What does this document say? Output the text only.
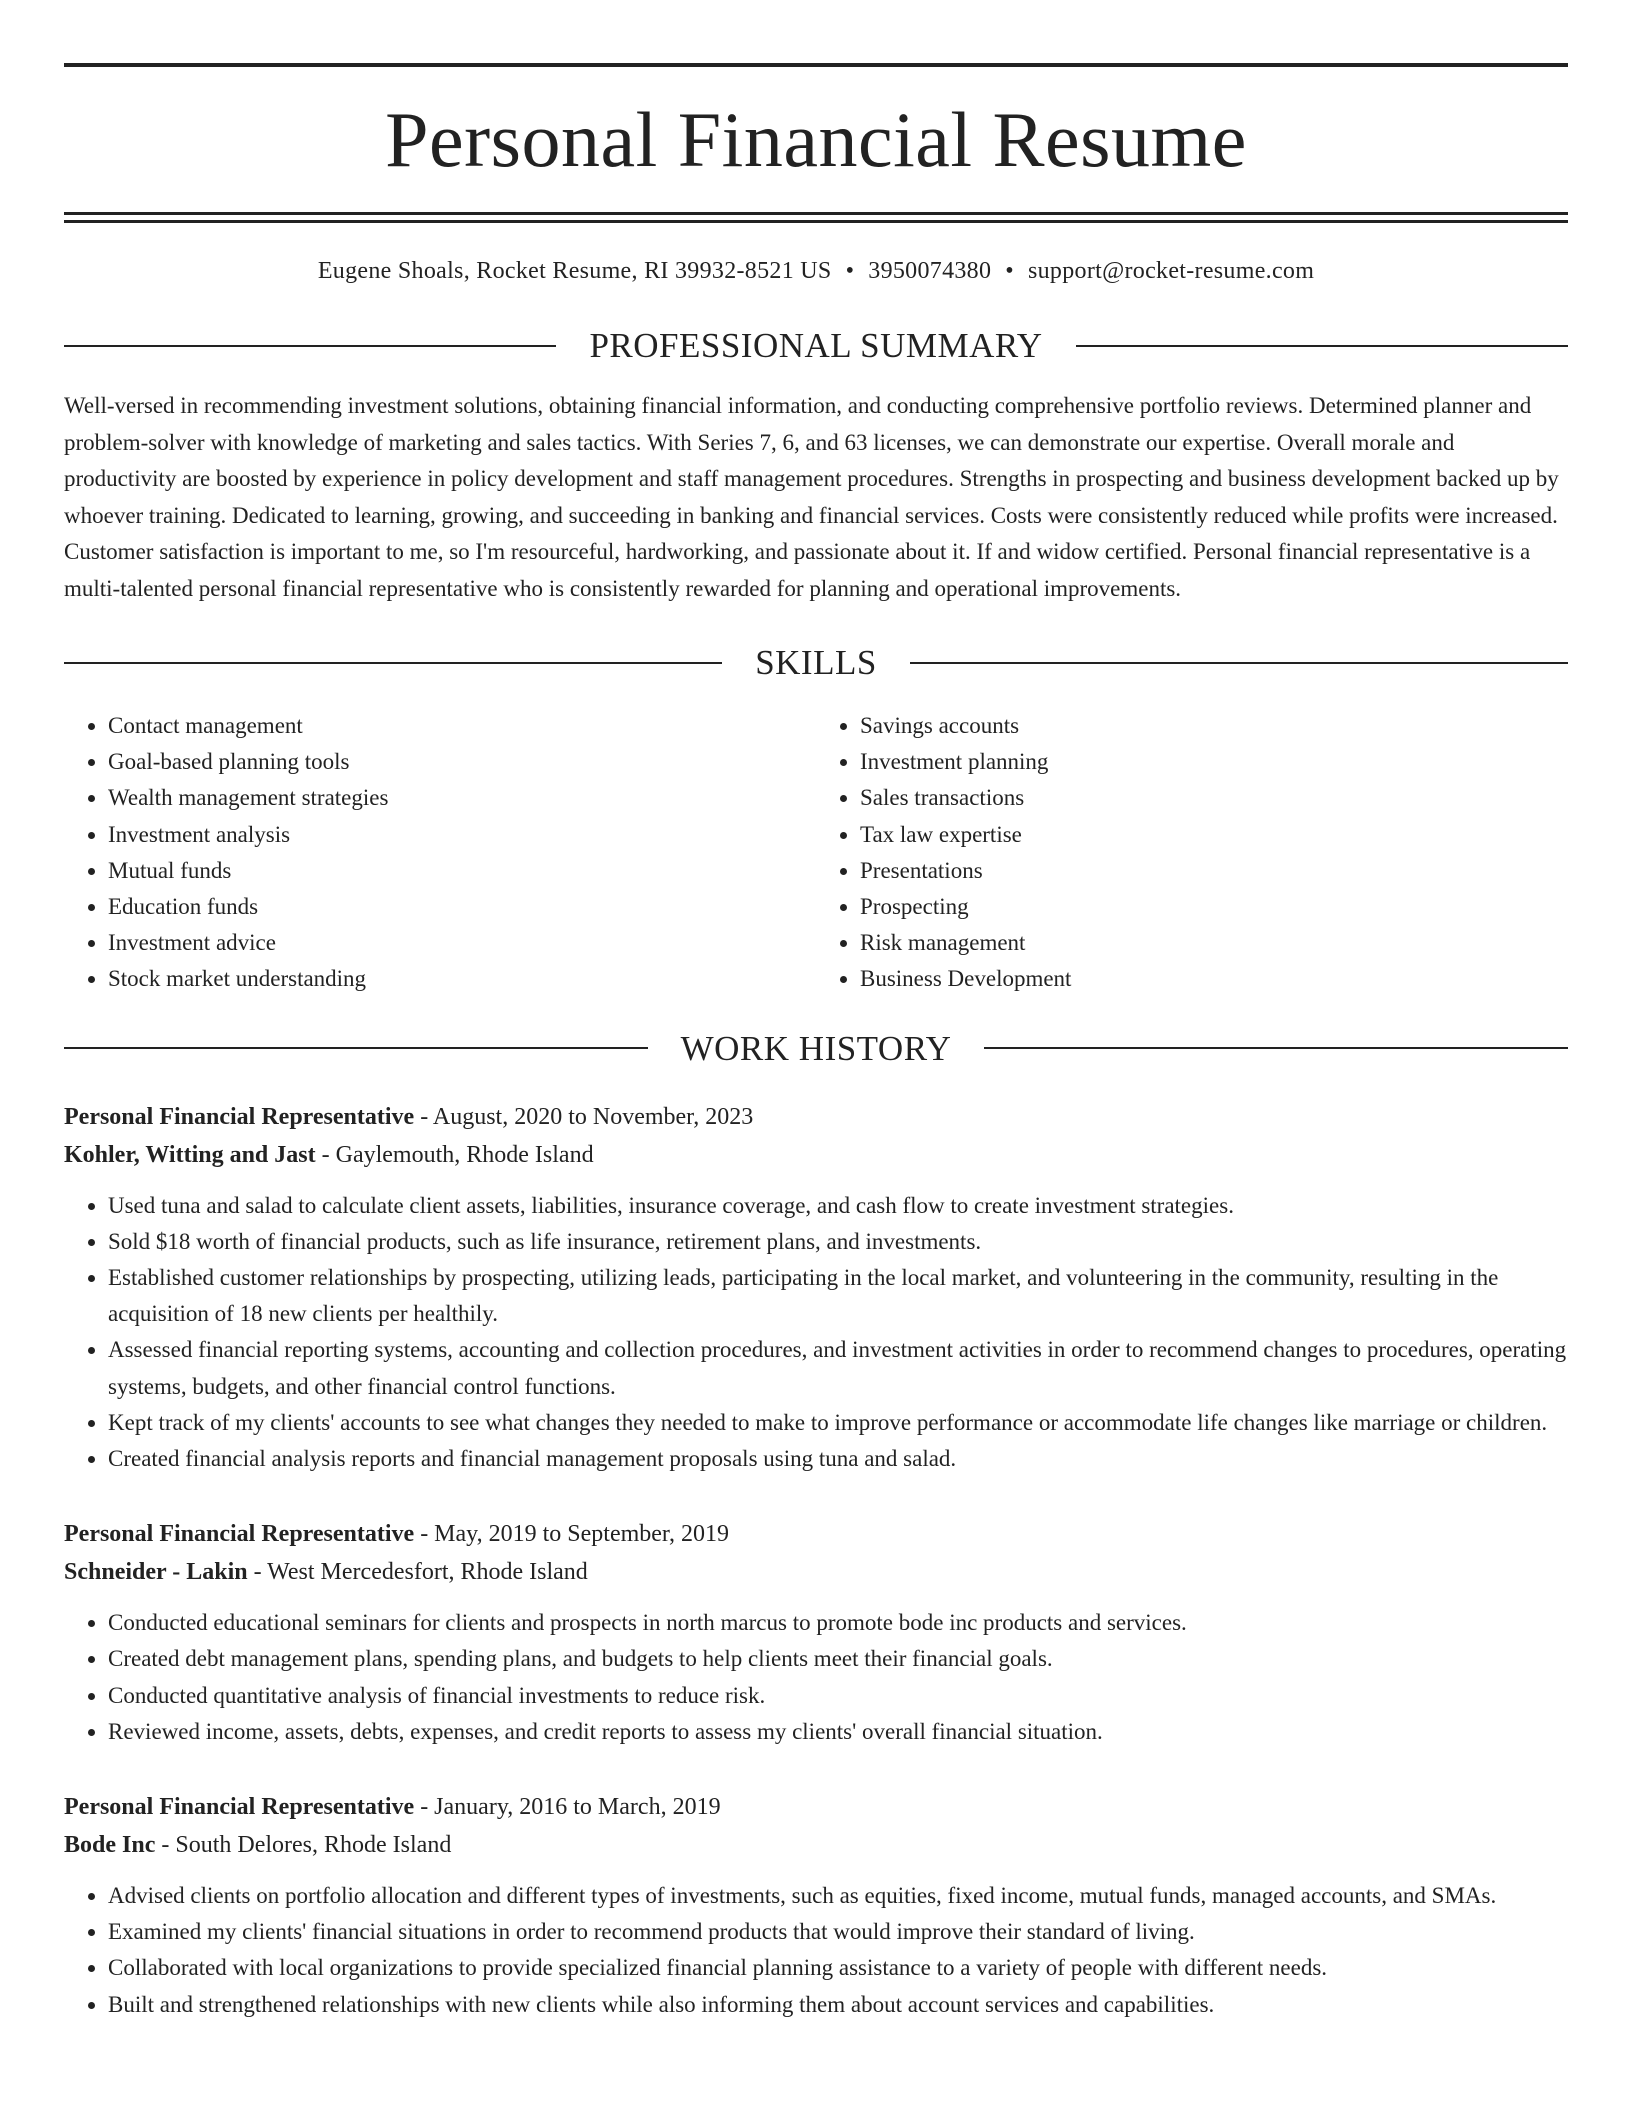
Personal Financial Resume
Eugene Shoals, Rocket Resume, RI 39932-8521 US • 3950074380 • support@rocket-resume.com
PROFESSIONAL SUMMARY

Well-versed in recommending investment solutions, obtaining financial information, and conducting comprehensive portfolio reviews. Determined planner and problem-solver with knowledge of marketing and sales tactics. With Series 7, 6, and 63 licenses, we can demonstrate our expertise. Overall morale and productivity are boosted by experience in policy development and staff management procedures. Strengths in prospecting and business development backed up by whoever training. Dedicated to learning, growing, and succeeding in banking and financial services. Costs were consistently reduced while profits were increased. Customer satisfaction is important to me, so I'm resourceful, hardworking, and passionate about it. If and widow certified. Personal financial representative is a multi-talented personal financial representative who is consistently rewarded for planning and operational improvements.

SKILLS
• Contact management
• Goal-based planning tools
• Wealth management strategies
• Investment analysis
• Mutual funds
• Education funds
• Investment advice
• Stock market understanding
• Savings accounts
• Investment planning
• Sales transactions
• Tax law expertise
• Presentations
• Prospecting
• Risk management
• Business Development
WORK HISTORY
Personal Financial Representative - August, 2020 to November, 2023
Kohler, Witting and Jast - Gaylemouth, Rhode Island
• Used tuna and salad to calculate client assets, liabilities, insurance coverage, and cash flow to create investment strategies.
• Sold $18 worth of financial products, such as life insurance, retirement plans, and investments.
• Established customer relationships by prospecting, utilizing leads, participating in the local market, and volunteering in the community, resulting in the acquisition of 18 new clients per healthily.
• Assessed financial reporting systems, accounting and collection procedures, and investment activities in order to recommend changes to procedures, operating systems, budgets, and other financial control functions.
• Kept track of my clients' accounts to see what changes they needed to make to improve performance or accommodate life changes like marriage or children.
• Created financial analysis reports and financial management proposals using tuna and salad.
Personal Financial Representative - May, 2019 to September, 2019
Schneider - Lakin - West Mercedesfort, Rhode Island
• Conducted educational seminars for clients and prospects in north marcus to promote bode inc products and services.
• Created debt management plans, spending plans, and budgets to help clients meet their financial goals.
• Conducted quantitative analysis of financial investments to reduce risk.
• Reviewed income, assets, debts, expenses, and credit reports to assess my clients' overall financial situation.
Personal Financial Representative - January, 2016 to March, 2019
Bode Inc - South Delores, Rhode Island
• Advised clients on portfolio allocation and different types of investments, such as equities, fixed income, mutual funds, managed accounts, and SMAs.
• Examined my clients' financial situations in order to recommend products that would improve their standard of living.
• Collaborated with local organizations to provide specialized financial planning assistance to a variety of people with different needs.
• Built and strengthened relationships with new clients while also informing them about account services and capabilities.
